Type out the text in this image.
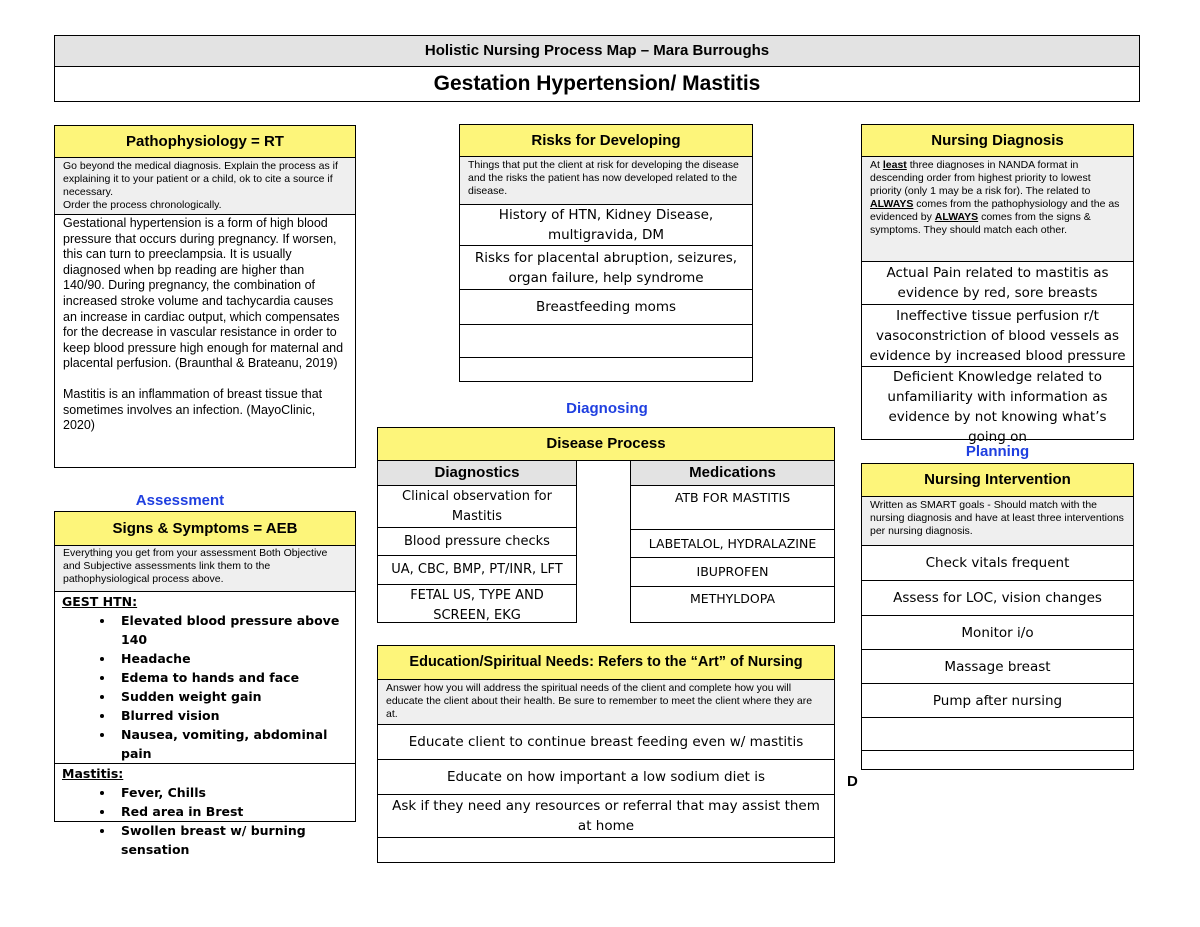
Holistic Nursing Process Map – Mara Burroughs
Gestation Hypertension/ Mastitis
Pathophysiology = RT
Go beyond the medical diagnosis. Explain the process as if explaining it to your patient or a child, ok to cite a source if necessary.
Order the process chronologically.
Gestational hypertension is a form of high blood pressure that occurs during pregnancy. If worsen, this can turn to preeclampsia. It is usually diagnosed when bp reading are higher than 140/90. During pregnancy, the combination of increased stroke volume and tachycardia causes an increase in cardiac output, which compensates for the decrease in vascular resistance in order to keep blood pressure high enough for maternal and placental perfusion. (Braunthal & Brateanu, 2019)
Mastitis is an inflammation of breast tissue that sometimes involves an infection. (MayoClinic, 2020)
Assessment
Signs & Symptoms = AEB
Everything you get from your assessment Both Objective and Subjective assessments link them to the pathophysiological process above.
GEST HTN:
• Elevated blood pressure above 140
• Headache
• Edema to hands and face
• Sudden weight gain
• Blurred vision
• Nausea, vomiting, abdominal pain
Mastitis:
• Fever, Chills
• Red area in Brest
• Swollen breast w/ burning sensation
Risks for Developing
Things that put the client at risk for developing the disease and the risks the patient has now developed related to the disease.
History of HTN, Kidney Disease, multigravida, DM
Risks for placental abruption, seizures, organ failure, help syndrome
Breastfeeding moms
Diagnosing
Disease Process
Diagnostics
Clinical observation for Mastitis
Blood pressure checks
UA, CBC, BMP, PT/INR, LFT
FETAL US, TYPE AND SCREEN, EKG
Medications
ATB FOR MASTITIS
LABETALOL, HYDRALAZINE
IBUPROFEN
METHYLDOPA
Education/Spiritual Needs: Refers to the “Art” of Nursing
Answer how you will address the spiritual needs of the client and complete how you will educate the client about their health. Be sure to remember to meet the client where they are at.
Educate client to continue breast feeding even w/ mastitis
Educate on how important a low sodium diet is
Ask if they need any resources or referral that may assist them at home
Nursing Diagnosis
At least three diagnoses in NANDA format in descending order from highest priority to lowest priority (only 1 may be a risk for). The related to ALWAYS comes from the pathophysiology and the as evidenced by ALWAYS comes from the signs & symptoms. They should match each other.
Actual Pain related to mastitis as evidence by red, sore breasts
Ineffective tissue perfusion r/t vasoconstriction of blood vessels as evidence by increased blood pressure
Deficient Knowledge related to unfamiliarity with information as evidence by not knowing what’s going on
Planning
Nursing Intervention
Written as SMART goals - Should match with the nursing diagnosis and have at least three interventions per nursing diagnosis.
Check vitals frequent
Assess for LOC, vision changes
Monitor i/o
Massage breast
Pump after nursing
D
